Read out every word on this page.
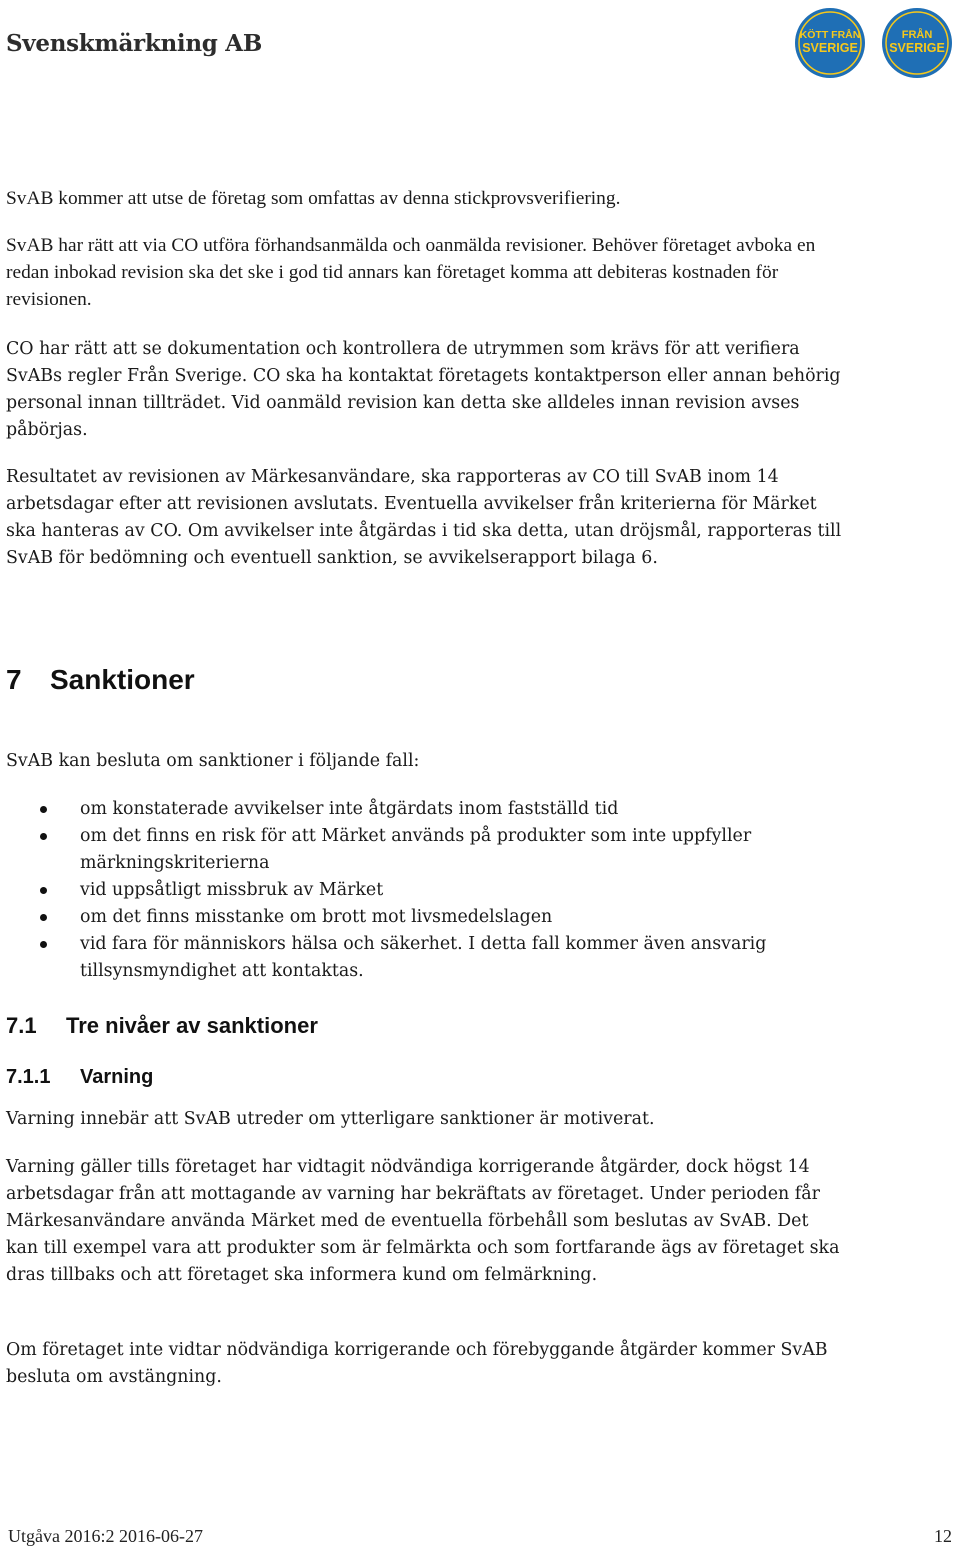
Svenskmärkning AB	KÖTT FRÅN
SVERIGE
FRÅN
SVERIGE

SvAB kommer att utse de företag som omfattas av denna stickprovsverifiering.

SvAB har rätt att via CO utföra förhandsanmälda och oanmälda revisioner. Behöver företaget avboka en redan inbokad revision ska det ske i god tid annars kan företaget komma att debiteras kostnaden för revisionen.

CO har rätt att se dokumentation och kontrollera de utrymmen som krävs för att verifiera SvABs regler Från Sverige. CO ska ha kontaktat företagets kontaktperson eller annan behörig personal innan tillträdet. Vid oanmäld revision kan detta ske alldeles innan revision avses påbörjas.

Resultatet av revisionen av Märkesanvändare, ska rapporteras av CO till SvAB inom 14 arbetsdagar efter att revisionen avslutats. Eventuella avvikelser från kriterierna för Märket ska hanteras av CO. Om avvikelser inte åtgärdas i tid ska detta, utan dröjsmål, rapporteras till SvAB för bedömning och eventuell sanktion, se avvikelserapport bilaga 6.

7 Sanktioner

SvAB kan besluta om sanktioner i följande fall:

om konstaterade avvikelser inte åtgärdats inom fastställd tid
om det finns en risk för att Märket används på produkter som inte uppfyller märkningskriterierna
vid uppsåtligt missbruk av Märket
om det finns misstanke om brott mot livsmedelslagen
vid fara för människors hälsa och säkerhet. I detta fall kommer även ansvarig tillsynsmyndighet att kontaktas.
7.1 Tre nivåer av sanktioner
7.1.1 Varning

Varning innebär att SvAB utreder om ytterligare sanktioner är motiverat.

Varning gäller tills företaget har vidtagit nödvändiga korrigerande åtgärder, dock högst 14 arbetsdagar från att mottagande av varning har bekräftats av företaget. Under perioden får Märkesanvändare använda Märket med de eventuella förbehåll som beslutas av SvAB. Det kan till exempel vara att produkter som är felmärkta och som fortfarande ägs av företaget ska dras tillbaks och att företaget ska informera kund om felmärkning.

Om företaget inte vidtar nödvändiga korrigerande och förebyggande åtgärder kommer SvAB besluta om avstängning.

Utgåva 2016:2 2016-06-27	12
